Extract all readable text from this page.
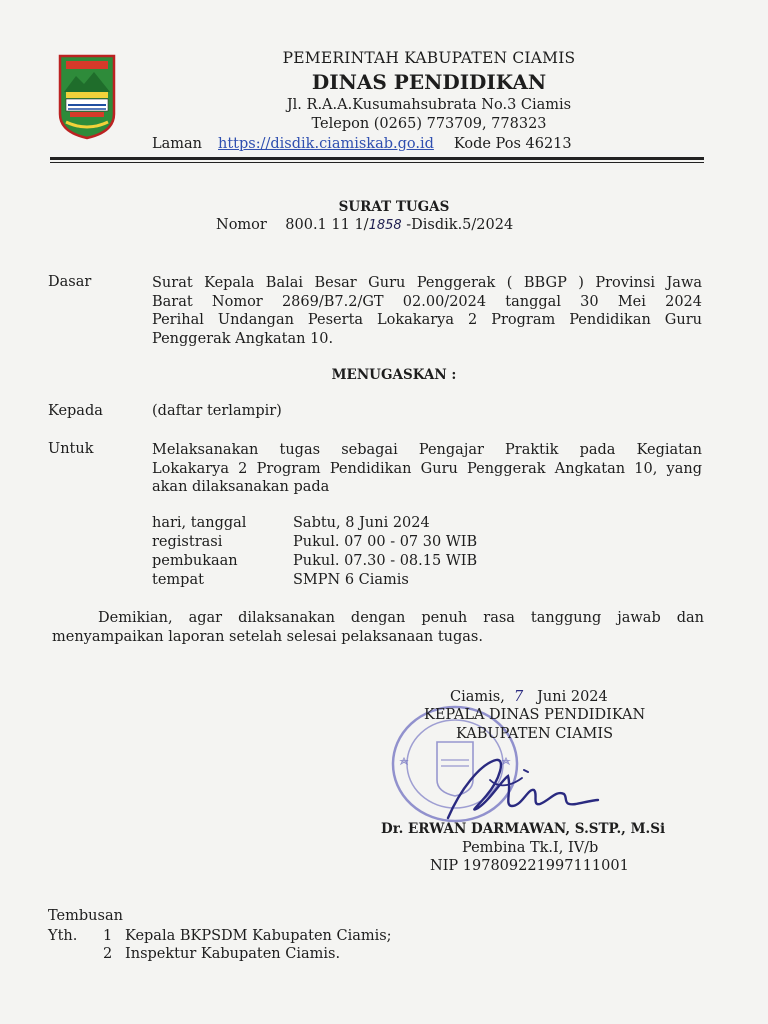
PEMERINTAH KABUPATEN CIAMIS
DINAS PENDIDIKAN
Jl. R.A.A.Kusumahsubrata No.3 Ciamis
Telepon (0265) 773709, 778323
Laman https://disdik.ciamiskab.go.id Kode Pos 46213
SURAT TUGAS
Nomor 800.1 11 1/1858 -Disdik.5/2024
Dasar	Surat Kepala Balai Besar Guru Penggerak ( BBGP ) Provinsi Jawa
Barat Nomor 2869/B7.2/GT 02.00/2024 tanggal 30 Mei 2024
Perihal Undangan Peserta Lokakarya 2 Program Pendidikan Guru
Penggerak Angkatan 10.
MENUGASKAN :
Kepada	(daftar terlampir)
Untuk	Melaksanakan tugas sebagai Pengajar Praktik pada Kegiatan
Lokakarya 2 Program Pendidikan Guru Penggerak Angkatan 10, yang
akan dilaksanakan pada
hari, tanggal	Sabtu, 8 Juni 2024
registrasi	Pukul. 07 00 - 07 30 WIB
pembukaan	Pukul. 07.30 - 08.15 WIB
tempat	SMPN 6 Ciamis
Demikian, agar dilaksanakan dengan penuh rasa tanggung jawab dan
menyampaikan laporan setelah selesai pelaksanaan tugas.
Ciamis, 7 Juni 2024
KEPALA DINAS PENDIDIKAN
KABUPATEN CIAMIS
Dr. ERWAN DARMAWAN, S.STP., M.Si
Pembina Tk.I, IV/b
NIP 197809221997111001
Tembusan
Yth. 1 Kepala BKPSDM Kabupaten Ciamis;
2 Inspektur Kabupaten Ciamis.
